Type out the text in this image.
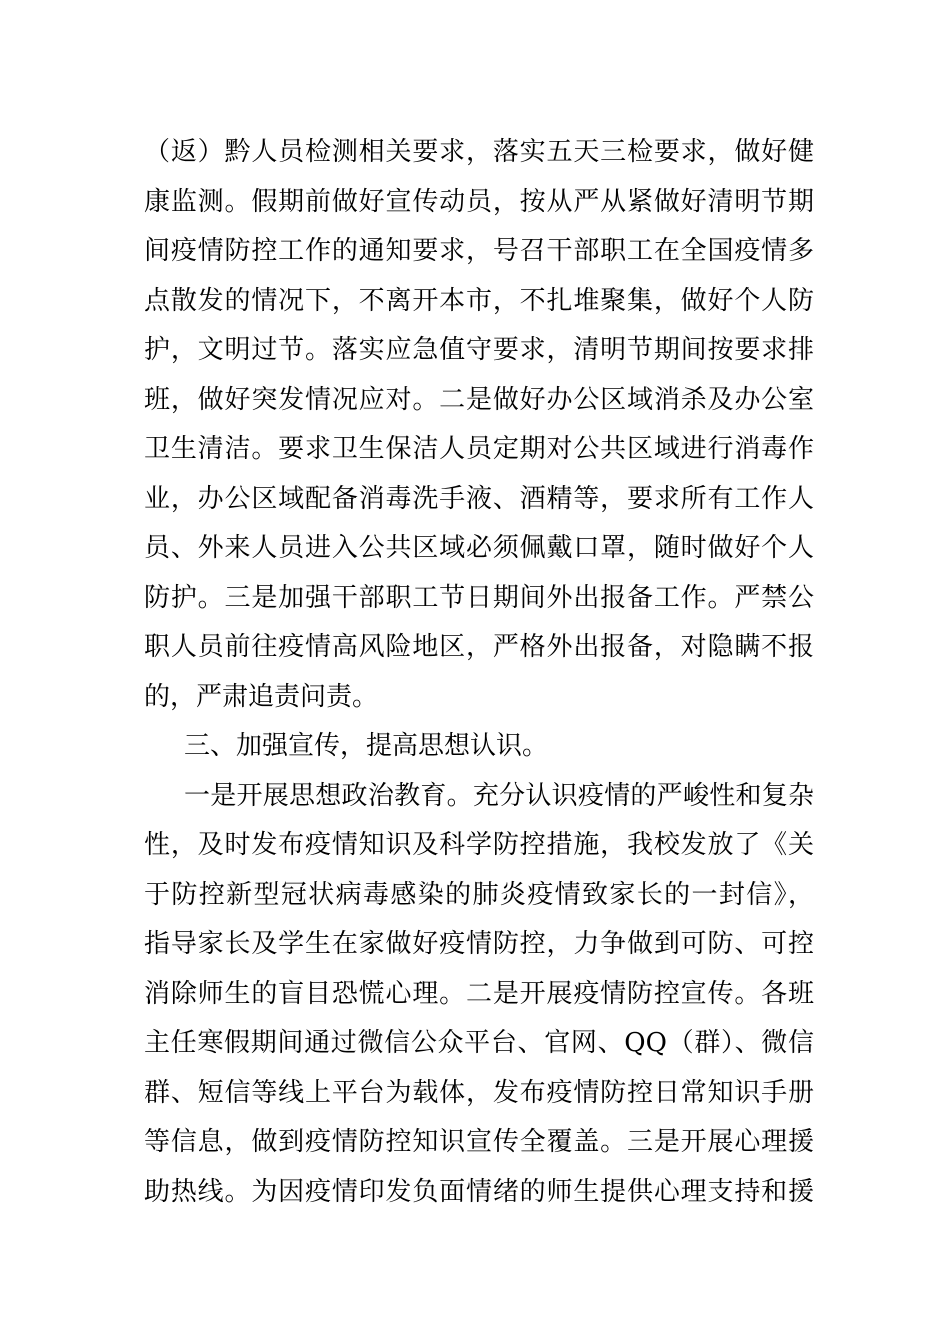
（返）黔人员检测相关要求，落实五天三检要求，做好健
康监测。假期前做好宣传动员，按从严从紧做好清明节期
间疫情防控工作的通知要求，号召干部职工在全国疫情多
点散发的情况下，不离开本市，不扎堆聚集，做好个人防
护，文明过节。落实应急值守要求，清明节期间按要求排
班，做好突发情况应对。二是做好办公区域消杀及办公室
卫生清洁。要求卫生保洁人员定期对公共区域进行消毒作
业，办公区域配备消毒洗手液、酒精等，要求所有工作人
员、外来人员进入公共区域必须佩戴口罩，随时做好个人
防护。三是加强干部职工节日期间外出报备工作。严禁公
职人员前往疫情高风险地区，严格外出报备，对隐瞒不报
的，严肃追责问责。
三、加强宣传，提高思想认识。
一是开展思想政治教育。充分认识疫情的严峻性和复杂
性，及时发布疫情知识及科学防控措施，我校发放了《关
于防控新型冠状病毒感染的肺炎疫情致家长的一封信》，
指导家长及学生在家做好疫情防控，力争做到可防、可控
消除师生的盲目恐慌心理。二是开展疫情防控宣传。各班
主任寒假期间通过微信公众平台、官网、QQ（群）、微信
群、短信等线上平台为载体，发布疫情防控日常知识手册
等信息，做到疫情防控知识宣传全覆盖。三是开展心理援
助热线。为因疫情印发负面情绪的师生提供心理支持和援
